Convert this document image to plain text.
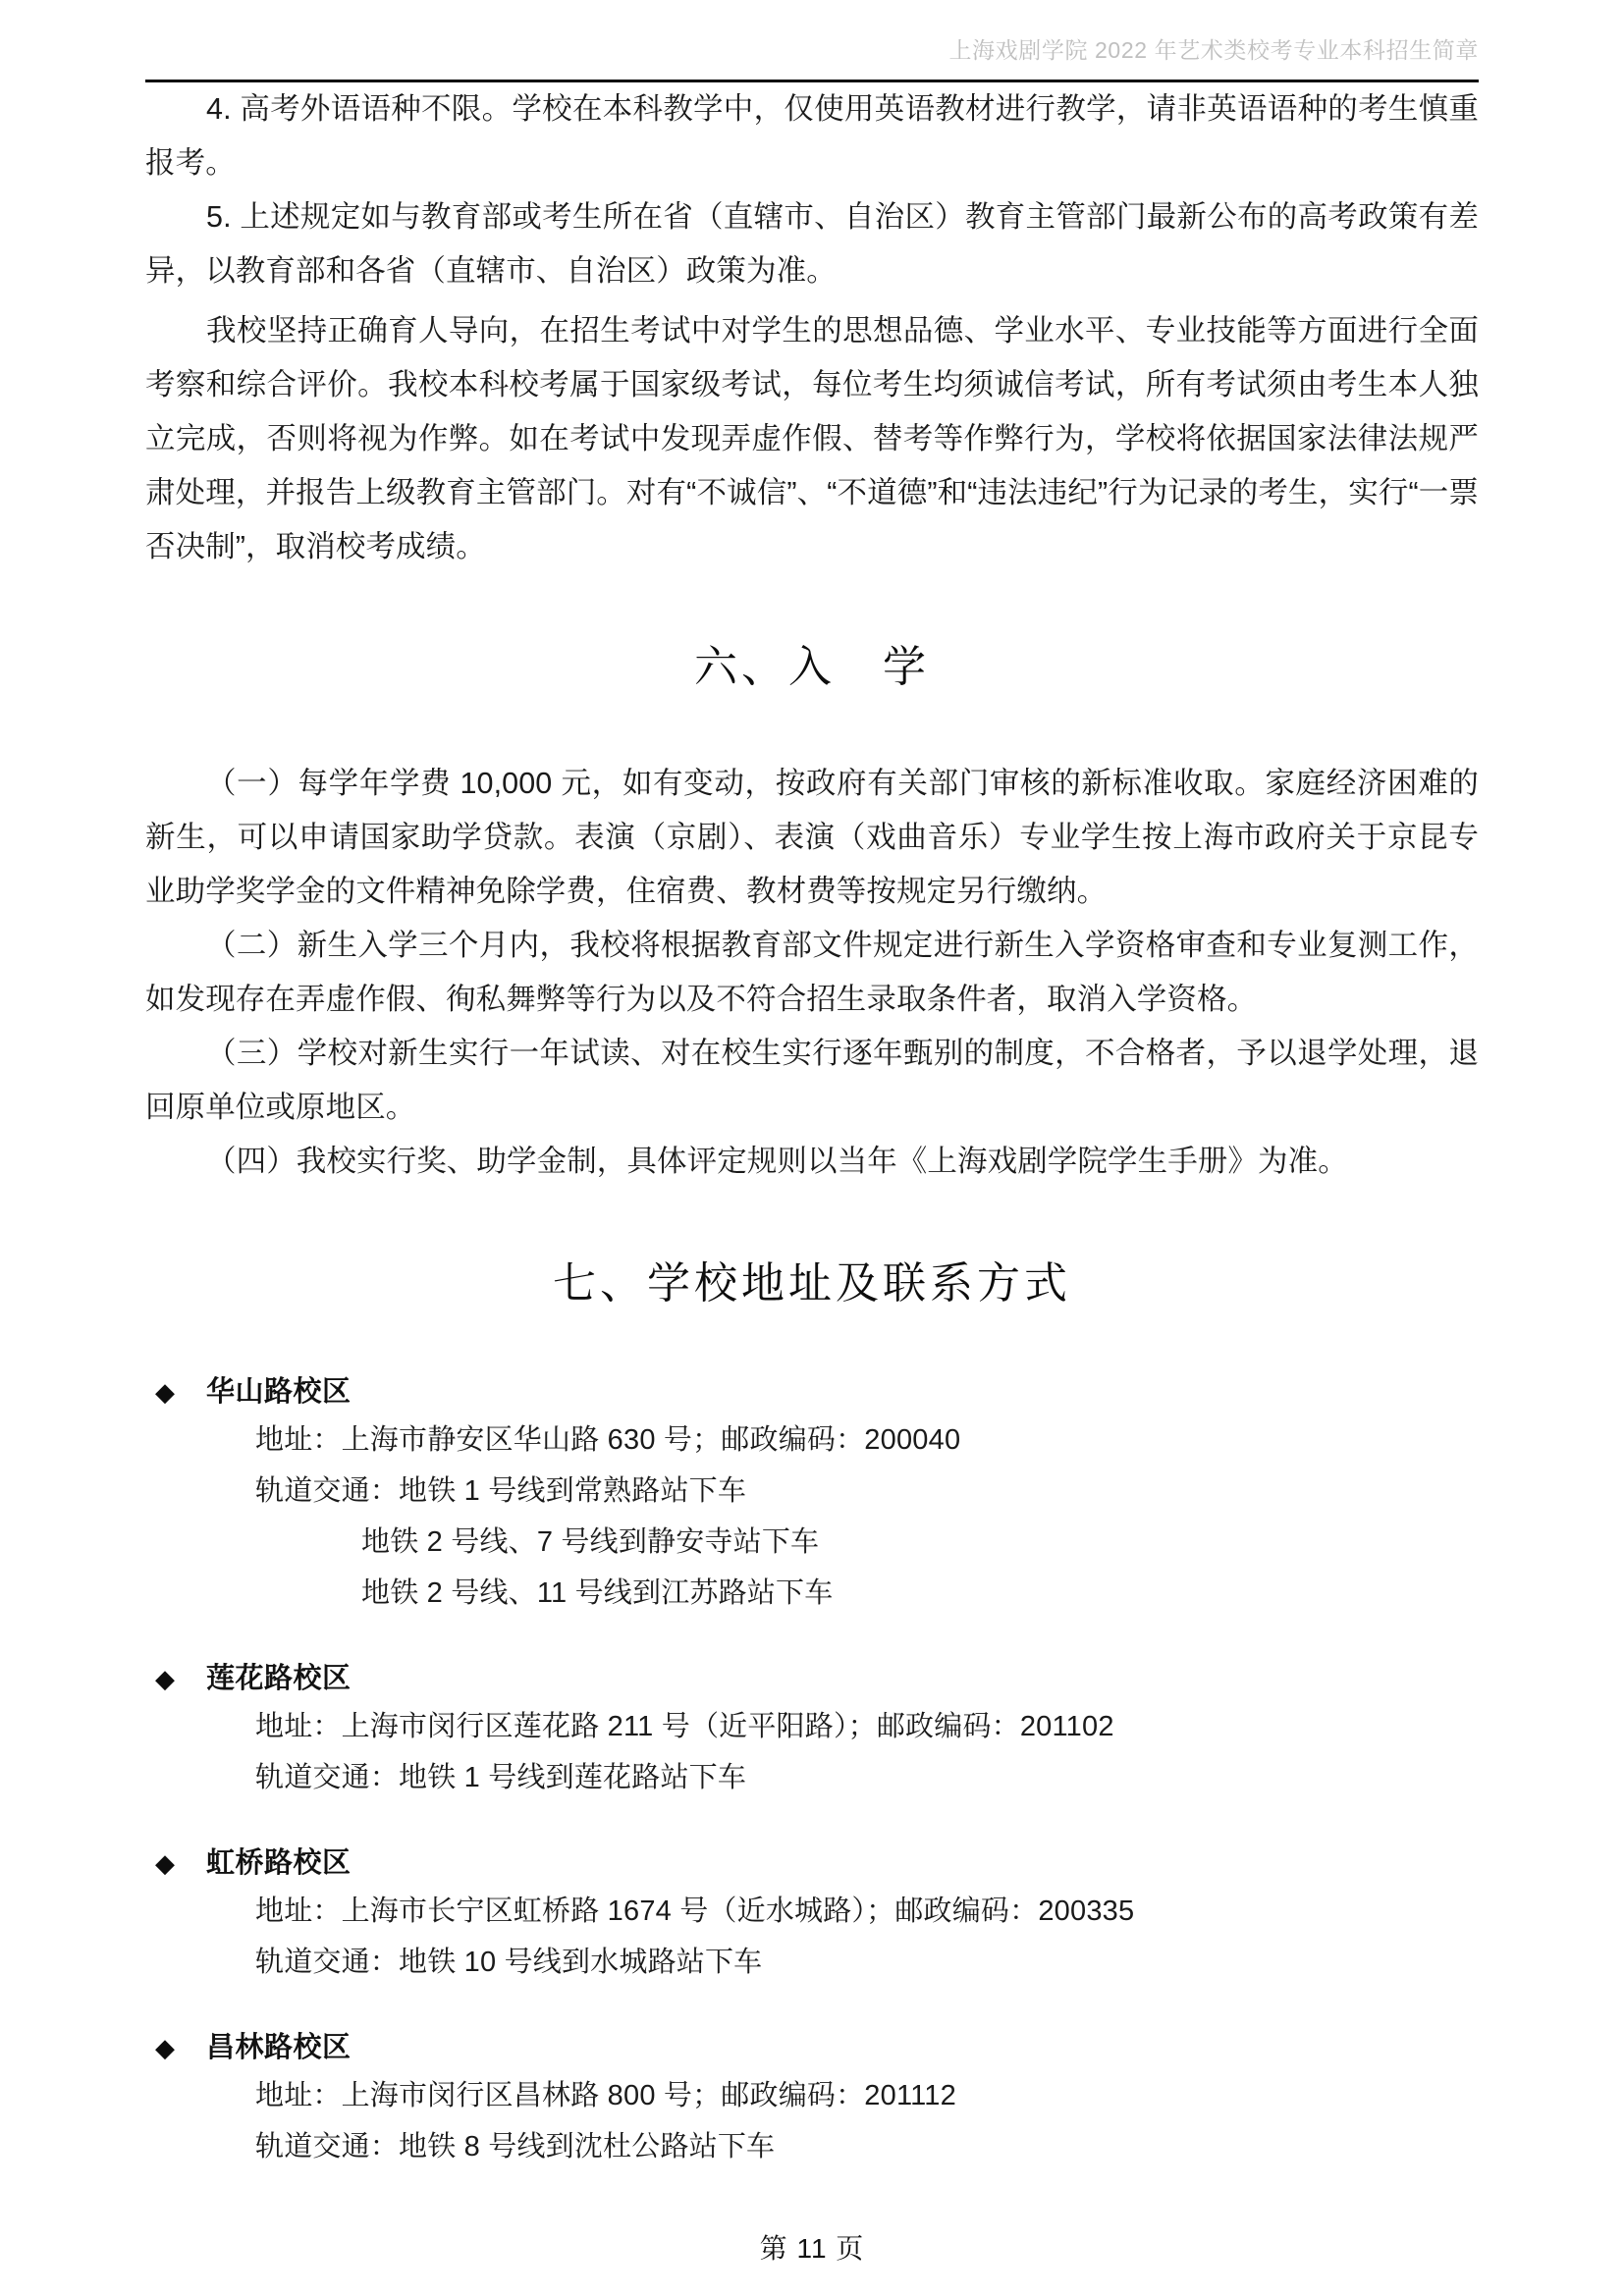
上海戏剧学院 2022 年艺术类校考专业本科招生简章

4. 高考外语语种不限。学校在本科教学中，仅使用英语教材进行教学，请非英语语种的考生慎重报考。

5. 上述规定如与教育部或考生所在省（直辖市、自治区）教育主管部门最新公布的高考政策有差异，以教育部和各省（直辖市、自治区）政策为准。

我校坚持正确育人导向，在招生考试中对学生的思想品德、学业水平、专业技能等方面进行全面考察和综合评价。我校本科校考属于国家级考试，每位考生均须诚信考试，所有考试须由考生本人独立完成，否则将视为作弊。如在考试中发现弄虚作假、替考等作弊行为，学校将依据国家法律法规严肃处理，并报告上级教育主管部门。对有“不诚信”、“不道德”和“违法违纪”行为记录的考生，实行“一票否决制”，取消校考成绩。

六、入　学

（一）每学年学费 10,000 元，如有变动，按政府有关部门审核的新标准收取。家庭经济困难的新生，可以申请国家助学贷款。表演（京剧）、表演（戏曲音乐）专业学生按上海市政府关于京昆专业助学奖学金的文件精神免除学费，住宿费、教材费等按规定另行缴纳。

（二）新生入学三个月内，我校将根据教育部文件规定进行新生入学资格审查和专业复测工作，如发现存在弄虚作假、徇私舞弊等行为以及不符合招生录取条件者，取消入学资格。

（三）学校对新生实行一年试读、对在校生实行逐年甄别的制度，不合格者，予以退学处理，退回原单位或原地区。

（四）我校实行奖、助学金制，具体评定规则以当年《上海戏剧学院学生手册》为准。

七、学校地址及联系方式
◆ 华山路校区
地址：上海市静安区华山路 630 号；邮政编码：200040
轨道交通：地铁 1 号线到常熟路站下车
地铁 2 号线、7 号线到静安寺站下车
地铁 2 号线、11 号线到江苏路站下车
◆ 莲花路校区
地址：上海市闵行区莲花路 211 号（近平阳路）；邮政编码：201102
轨道交通：地铁 1 号线到莲花路站下车
◆ 虹桥路校区
地址：上海市长宁区虹桥路 1674 号（近水城路）；邮政编码：200335
轨道交通：地铁 10 号线到水城路站下车
◆ 昌林路校区
地址：上海市闵行区昌林路 800 号；邮政编码：201112
轨道交通：地铁 8 号线到沈杜公路站下车
第 11 页
